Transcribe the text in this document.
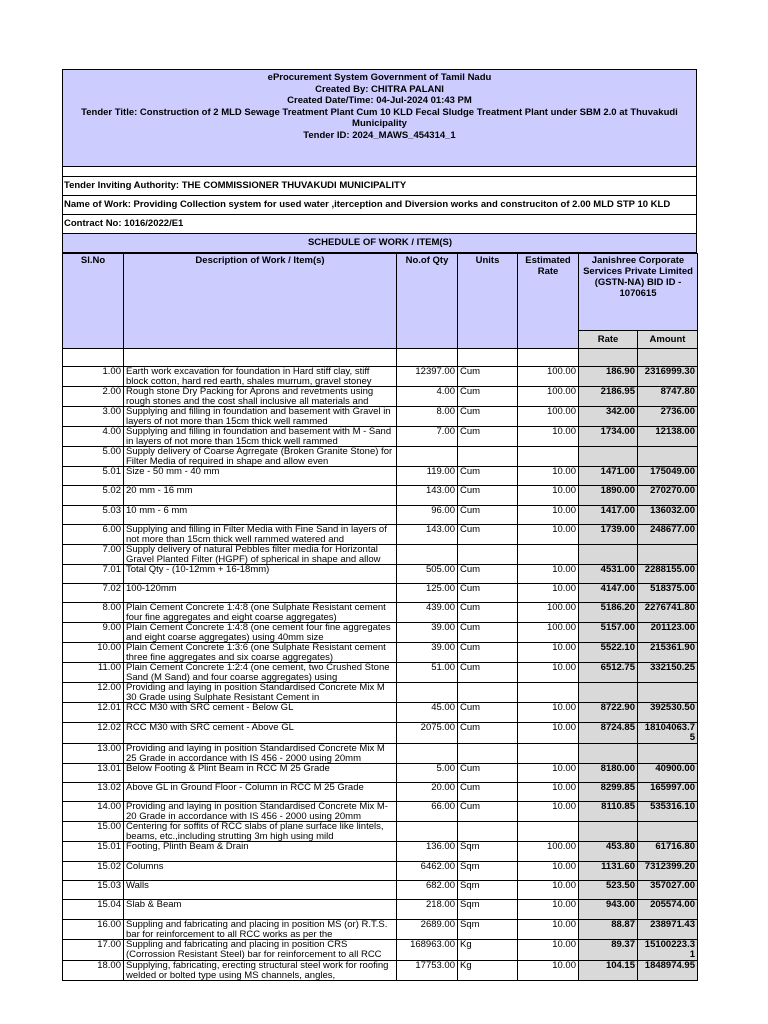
eProcurement System Government of Tamil Nadu
Created By: CHITRA PALANI
Created Date/Time: 04-Jul-2024 01:43 PM
Tender Title: Construction of 2 MLD Sewage Treatment Plant Cum 10 KLD Fecal Sludge Treatment Plant under SBM 2.0 at Thuvakudi
Municipality
Tender ID: 2024_MAWS_454314_1
Tender Inviting Authority: THE COMMISSIONER THUVAKUDI MUNICIPALITY
Name of Work: Providing Collection system for used water ,iterception and Diversion works and construciton of 2.00 MLD STP 10 KLD
Contract No: 1016/2022/E1
SCHEDULE OF WORK / ITEM(S)
Sl.No	Description of Work / Item(s)	No.of Qty	Units	Estimated Rate	Janishree Corporate Services Private Limited (GSTN-NA) BID ID - 1070615	
					Rate	Amount

1.00	Earth work excavation for foundation in Hard stiff clay, stiff block cotton, hard red earth, shales murrum, gravel stoney	12397.00	Cum	100.00	186.90	2316999.30
2.00	Rough stone Dry Packing for Aprons and revetments using rough stones and the cost shall inclusive all materials and	4.00	Cum	100.00	2186.95	8747.80
3.00	Supplying and filling in foundation and basement with Gravel in layers of not more than 15cm thick well rammed	8.00	Cum	100.00	342.00	2736.00
4.00	Supplying and filling in foundation and basement with M - Sand in layers of not more than 15cm thick well rammed	7.00	Cum	10.00	1734.00	12138.00
5.00	Supply delivery of Coarse Agrregate (Broken Granite Stone) for Filter Media of required in shape and allow even					

5.01	Size - 50 mm - 40 mm	119.00	Cum	10.00	1471.00	175049.00
5.02	20 mm - 16 mm	143.00	Cum	10.00	1890.00	270270.00
5.03	10 mm - 6 mm	96.00	Cum	10.00	1417.00	136032.00
6.00	Supplying and filling in Filter Media with Fine Sand in layers of not more than 15cm thick well rammed watered and	143.00	Cum	10.00	1739.00	248677.00
7.00	Supply delivery of natural Pebbles filter media for Horizontal Gravel Planted Filter (HGPF) of spherical in shape and allow					

7.01	Total Qty - (10-12mm + 16-18mm)	505.00	Cum	10.00	4531.00	2288155.00
7.02	100-120mm	125.00	Cum	10.00	4147.00	518375.00
8.00	Plain Cement Concrete 1:4:8 (one Sulphate Resistant cement four fine aggregates and eight coarse aggregates)	439.00	Cum	100.00	5186.20	2276741.80
9.00	Plain Cement Concrete 1:4:8 (one cement four fine aggregates and eight coarse aggregates) using 40mm size	39.00	Cum	100.00	5157.00	201123.00
10.00	Plain Cement Concrete 1:3:6 (one Sulphate Resistant cement three fine aggregates and six coarse aggregates)	39.00	Cum	10.00	5522.10	215361.90
11.00	Plain Cement Concrete 1:2:4 (one cement, two Crushed Stone Sand (M Sand) and four coarse aggregates) using	51.00	Cum	10.00	6512.75	332150.25
12.00	Providing and laying in position Standardised Concrete Mix M 30 Grade using Sulphate Resistant Cement in					

12.01	RCC M30 with SRC cement - Below GL	45.00	Cum	10.00	8722.90	392530.50
12.02	RCC M30 with SRC cement - Above GL	2075.00	Cum	10.00	8724.85	18104063.75
13.00	Providing and laying in position Standardised Concrete Mix M 25 Grade in accordance with IS 456 - 2000 using 20mm					

13.01	Below Footing & Plint Beam in RCC M 25 Grade	5.00	Cum	10.00	8180.00	40900.00
13.02	Above GL in Ground Floor - Column in RCC M 25 Grade	20.00	Cum	10.00	8299.85	165997.00
14.00	Providing and laying in position Standardised Concrete Mix M-20 Grade in accordance with IS 456 - 2000 using 20mm	66.00	Cum	10.00	8110.85	535316.10
15.00	Centering for soffits of RCC slabs of plane surface like lintels, beams, etc.,including strutting 3m high using mild					

15.01	Footing, Plinth Beam & Drain	136.00	Sqm	100.00	453.80	61716.80
15.02	Columns	6462.00	Sqm	10.00	1131.60	7312399.20
15.03	Walls	682.00	Sqm	10.00	523.50	357027.00
15.04	Slab & Beam	218.00	Sqm	10.00	943.00	205574.00
16.00	Suppling and fabricating and placing in position MS (or) R.T.S. bar for reinforcement to all RCC works as per the	2689.00	Sqm	10.00	88.87	238971.43
17.00	Suppling and fabricating and placing in position CRS (Corrossion Resistant Steel) bar for reinforcement to all RCC	168963.00	Kg	10.00	89.37	15100223.31
18.00	Supplying, fabricating, erecting structural steel work for roofing welded or bolted type using MS channels, angles,	17753.00	Kg	10.00	104.15	1848974.95
